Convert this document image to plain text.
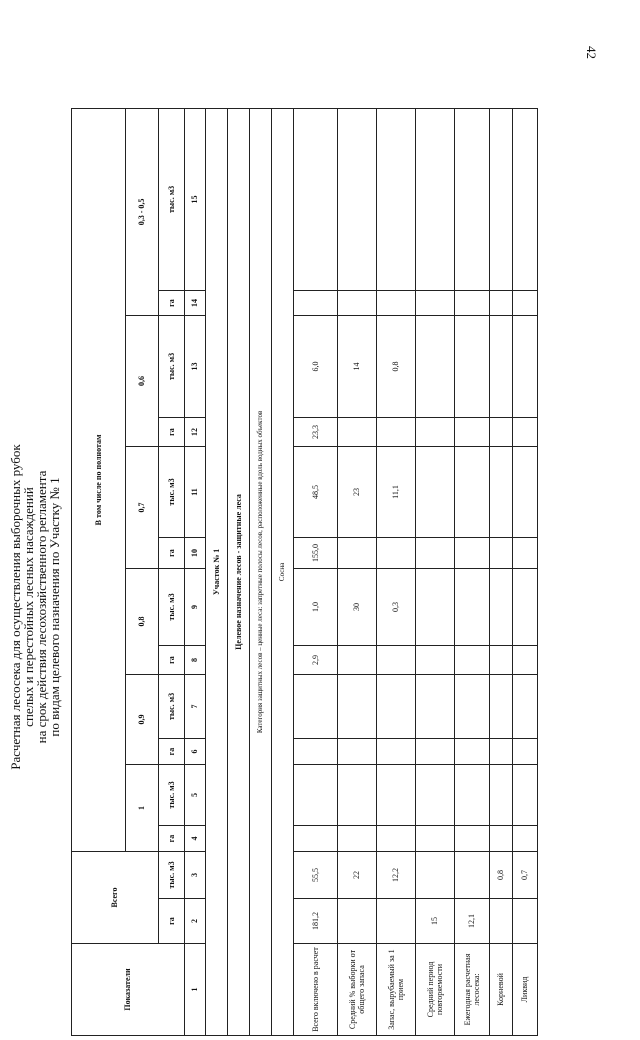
42
Расчетная лесосека для осуществления выборочных рубок
спелых и перестойных лесных насаждений
на срок действия лесохозяйственного регламента
по видам целевого назначения по Участку № 1
Показатели	Всего		В том числе по полнотам											
			1		0,9		0,8		0,7		0,6		0,3 - 0,5	
	га	тыс. м3	га	тыс. м3	га	тыс. м3	га	тыс. м3	га	тыс. м3	га	тыс. м3	га	тыс. м3
1	2	3	4	5	6	7	8	9	10	11	12	13	14	15
Участок № 1														
Целевое назначение лесов - защитные леса														
Категория защитных лесов – ценные леса: запретные полосы лесов, расположенные вдоль водных объектов														
Сосна														
Всего включено в расчет	181,2	55,5					2,9	1,0	155,0	48,5	23,3	6,0		
Средний % выборки от общего запаса		22						30		23		14		
Запас, вырубаемый за 1 прием		12,2						0,3		11,1		0,8		
Средний период повторяемости	15													
Ежегодная расчетная лесосека:	12,1													
Корневой		0,8												
Ликвид		0,7												
